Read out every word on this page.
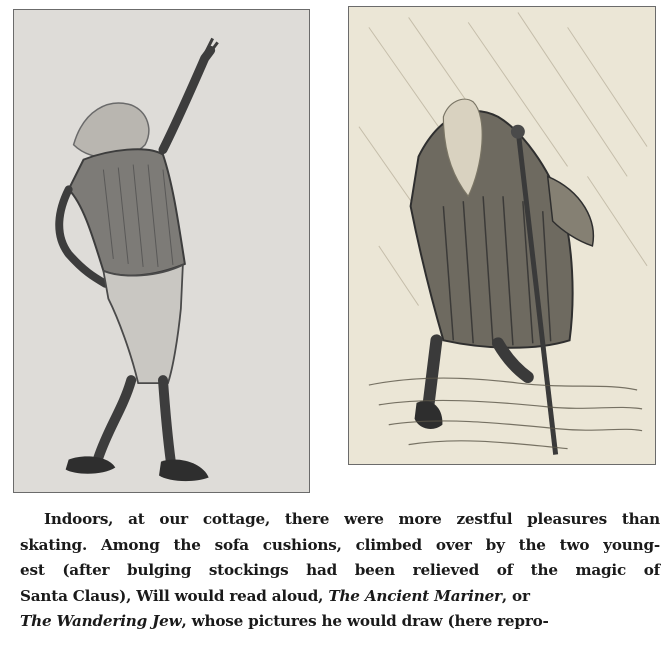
Indoors, at our cottage, there were more zestful pleasures than
skating. Among the sofa cushions, climbed over by the two young-
est (after bulging stockings had been relieved of the magic of
Santa Claus), Will would read aloud, The Ancient Mariner, or
The Wandering Jew, whose pictures he would draw (here repro-
